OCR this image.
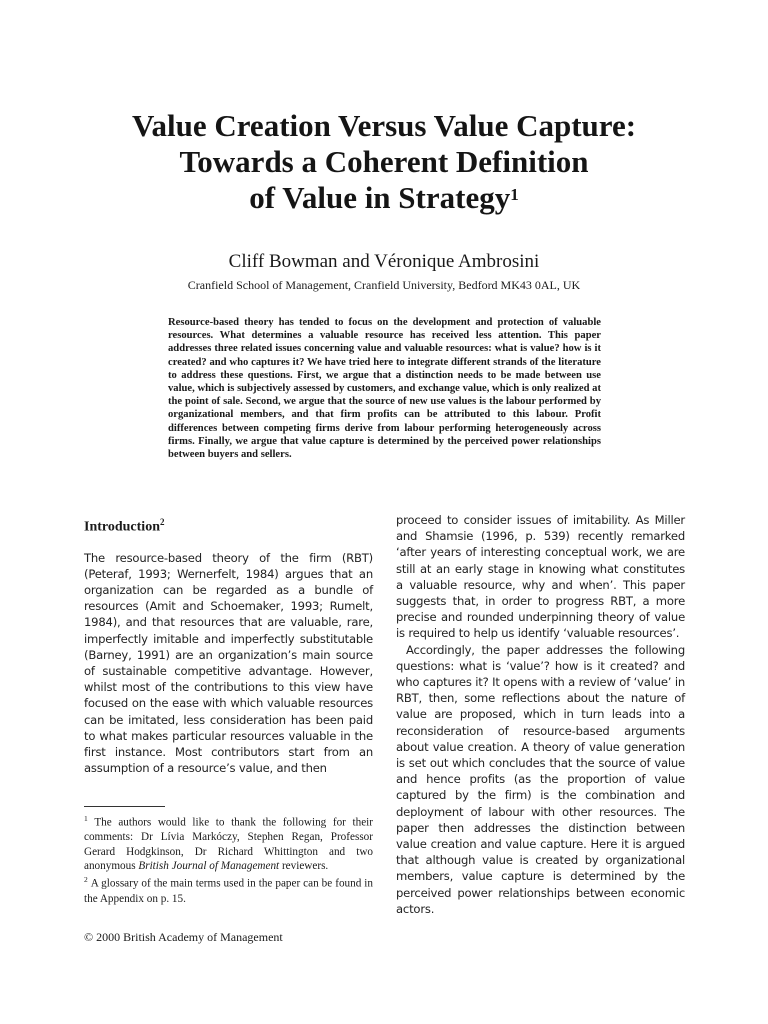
Value Creation Versus Value Capture:
Towards a Coherent Definition
of Value in Strategy$^1$

Cliff Bowman and Véronique Ambrosini

Cranfield School of Management, Cranfield University, Bedford MK43 0AL, UK

Resource-based theory has tended to focus on the development and protection of valuable resources. What determines a valuable resource has received less attention. This paper addresses three related issues concerning value and valuable resources: what is value? how is it created? and who captures it? We have tried here to integrate different strands of the literature to address these questions. First, we argue that a distinction needs to be made between use value, which is subjectively assessed by customers, and exchange value, which is only realized at the point of sale. Second, we argue that the source of new use values is the labour performed by organizational members, and that firm profits can be attributed to this labour. Profit differences between competing firms derive from labour performing heterogeneously across firms. Finally, we argue that value capture is determined by the perceived power relationships between buyers and sellers.

Introduction$^2$

The resource-based theory of the firm (RBT) (Peteraf, 1993; Wernerfelt, 1984) argues that an organization can be regarded as a bundle of resources (Amit and Schoemaker, 1993; Rumelt, 1984), and that resources that are valuable, rare, imperfectly imitable and imperfectly substitutable (Barney, 1991) are an organization’s main source of sustainable competitive advantage. However, whilst most of the contributions to this view have focused on the ease with which valuable resources can be imitated, less consideration has been paid to what makes particular resources valuable in the first instance. Most contributors start from an assumption of a resource’s value, and then

proceed to consider issues of imitability. As Miller and Shamsie (1996, p. 539) recently remarked ‘after years of interesting conceptual work, we are still at an early stage in knowing what constitutes a valuable resource, why and when’. This paper suggests that, in order to progress RBT, a more precise and rounded underpinning theory of value is required to help us identify ‘valuable resources’.

Accordingly, the paper addresses the following questions: what is ‘value’? how is it created? and who captures it? It opens with a review of ‘value’ in RBT, then, some reflections about the nature of value are proposed, which in turn leads into a reconsideration of resource-based arguments about value creation. A theory of value generation is set out which concludes that the source of value and hence profits (as the proportion of value captured by the firm) is the combination and deployment of labour with other resources. The paper then addresses the distinction between value creation and value capture. Here it is argued that although value is created by organizational members, value capture is determined by the perceived power relationships between economic actors.

$^1$ The authors would like to thank the following for their comments: Dr Lívia Markóczy, Stephen Regan, Professor Gerard Hodgkinson, Dr Richard Whittington and two anonymous British Journal of Management reviewers.

$^2$ A glossary of the main terms used in the paper can be found in the Appendix on p. 15.

© 2000 British Academy of Management
